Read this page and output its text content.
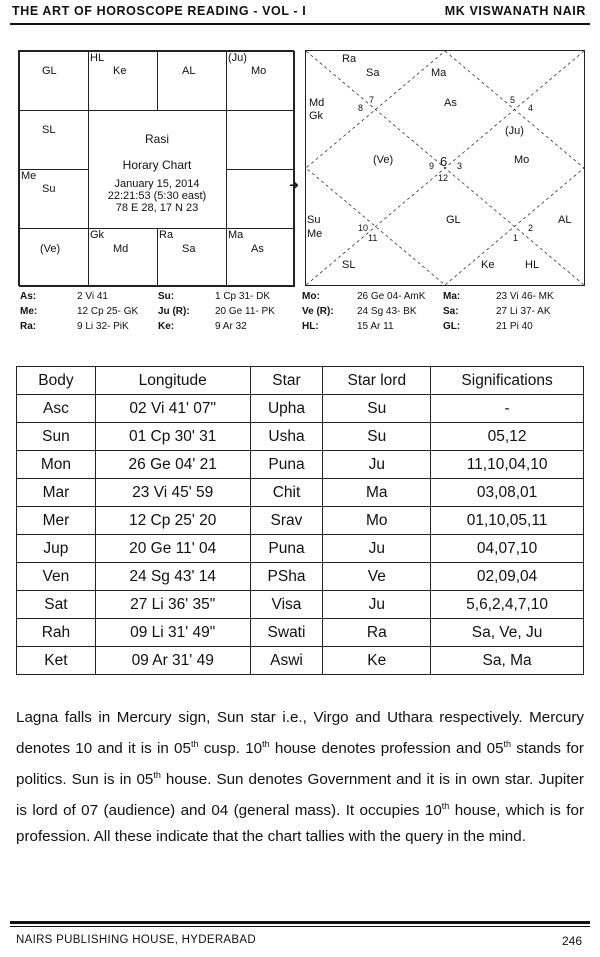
THE ART OF HOROSCOPE READING - VOL - I	MK VISWANATH NAIR
GL
HL
Ke	AL
(Ju)
Mo
SL
Me
Su
(Ve)
Gk
Md
Ra
Sa
Ma
As
Rasi
Horary Chart
January 15, 2014
22:21:53 (5:30 east)
78 E 28, 17 N 23
➜
Ra
Sa	Ma
Md
Gk
8
7	As	5
4
(Ju)
(Ve)	9 6 3
12
Mo
Su
Me	10
11
GL
1
2
AL
SL	Ke	HL
As:	2 Vi 41	Su:	1 Cp 31- DK	Mo:	26 Ge 04- AmK Ma:	23 Vi 46- MK
Me:	12 Cp 25- GK Ju (R):	20 Ge 11- PK	Ve (R): 24 Sg 43- BK	Sa:	27 Li 37- AK
Ra:	9 Li 32- PiK	Ke:	9 Ar 32	HL:	15 Ar 11	GL:	21 Pi 40
Body	Longitude	Star	Star lord	Significations
Asc	02 Vi 41' 07"	Upha	Su	-
Sun	01 Cp 30' 31	Usha	Su	05,12
Mon	26 Ge 04' 21	Puna	Ju	11,10,04,10
Mar	23 Vi 45' 59	Chit	Ma	03,08,01
Mer	12 Cp 25' 20	Srav	Mo	01,10,05,11
Jup	20 Ge 11' 04	Puna	Ju	04,07,10
Ven	24 Sg 43' 14	PSha	Ve	02,09,04
Sat	27 Li 36' 35"	Visa	Ju	5,6,2,4,7,10
Rah	09 Li 31' 49"	Swati	Ra	Sa, Ve, Ju
Ket	09 Ar 31' 49	Aswi	Ke	Sa, Ma
Lagna falls in Mercury sign, Sun star i.e., Virgo and Uthara respectively. Mercury denotes 10 and it is in 05th cusp. 10th house denotes profession and 05th stands for politics. Sun is in 05th house. Sun denotes Government and it is in own star. Jupiter is lord of 07 (audience) and 04 (general mass). It occupies 10th house, which is for profession. All these indicate that the chart tallies with the query in the mind.
NAIRS PUBLISHING HOUSE, HYDERABAD	246
